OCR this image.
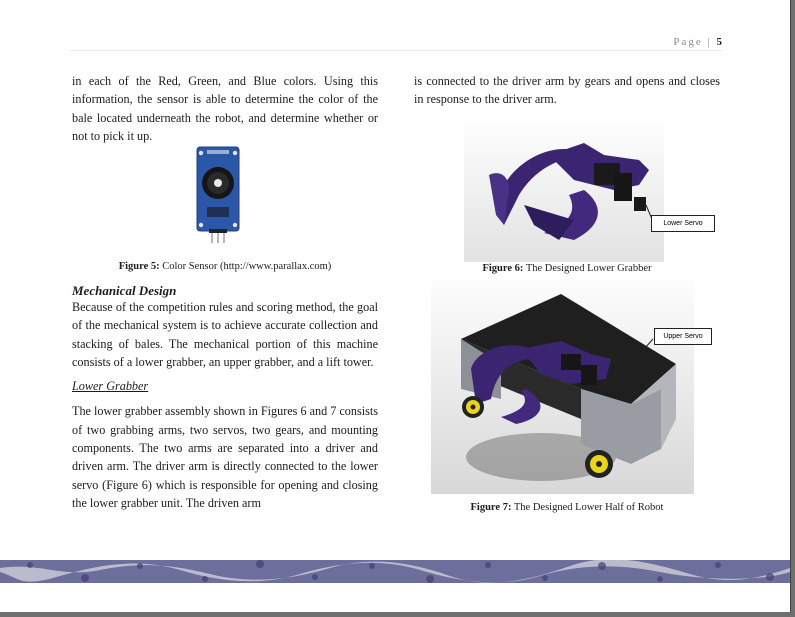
Page | 5

in each of the Red, Green, and Blue colors. Using this information, the sensor is able to determine the color of the bale located underneath the robot, and determine whether or not to pick it up.

Figure 5: Color Sensor (http://www.parallax.com)

Mechanical Design

Because of the competition rules and scoring method, the goal of the mechanical system is to achieve accurate collection and stacking of bales. The mechanical portion of this machine consists of a lower grabber, an upper grabber, and a lift tower.

Lower Grabber

The lower grabber assembly shown in Figures 6 and 7 consists of two grabbing arms, two servos, two gears, and mounting components. The two arms are separated into a driver and driven arm. The driver arm is directly connected to the lower servo (Figure 6) which is responsible for opening and closing the lower grabber unit. The driven arm

is connected to the driver arm by gears and opens and closes in response to the driver arm.

Lower Servo
Figure 6: The Designed Lower Grabber
Upper Servo
Figure 7: The Designed Lower Half of Robot
